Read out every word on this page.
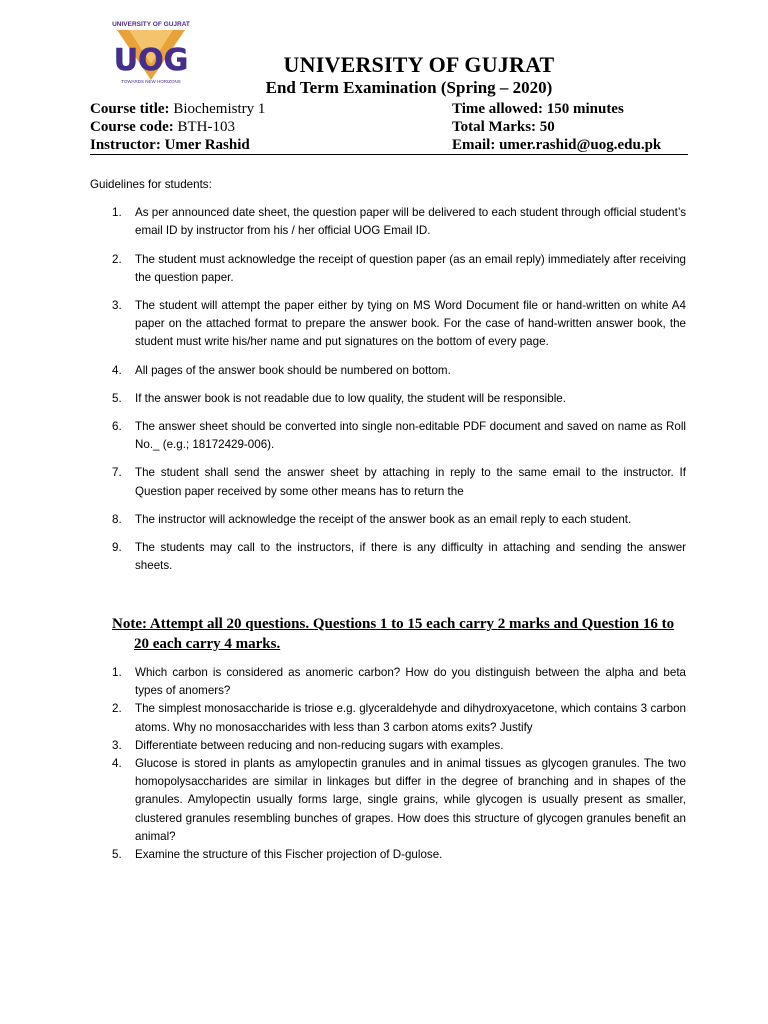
UNIVERSITY OF GUJRAT
UOG
TOWARDS NEW HORIZONS
UNIVERSITY OF GUJRAT
End Term Examination (Spring – 2020)
Course title: Biochemistry 1	Time allowed: 150 minutes
Course code: BTH-103	Total Marks: 50
Instructor: Umer Rashid	Email: umer.rashid@uog.edu.pk
Guidelines for students:
1. As per announced date sheet, the question paper will be delivered to each student through official student’s email ID by instructor from his / her official UOG Email ID.
2. The student must acknowledge the receipt of question paper (as an email reply) immediately after receiving the question paper.
3. The student will attempt the paper either by tying on MS Word Document file or hand-written on white A4 paper on the attached format to prepare the answer book. For the case of hand-written answer book, the student must write his/her name and put signatures on the bottom of every page.
4. All pages of the answer book should be numbered on bottom.
5. If the answer book is not readable due to low quality, the student will be responsible.
6. The answer sheet should be converted into single non-editable PDF document and saved on name as Roll No._ (e.g.; 18172429-006).
7. The student shall send the answer sheet by attaching in reply to the same email to the instructor. If Question paper received by some other means has to return the
8. The instructor will acknowledge the receipt of the answer book as an email reply to each student.
9. The students may call to the instructors, if there is any difficulty in attaching and sending the answer sheets.
Note: Attempt all 20 questions. Questions 1 to 15 each carry 2 marks and Question 16 to

20 each carry 4 marks.
1. Which carbon is considered as anomeric carbon? How do you distinguish between the alpha and beta types of anomers?
2. The simplest monosaccharide is triose e.g. glyceraldehyde and dihydroxyacetone, which contains 3 carbon atoms. Why no monosaccharides with less than 3 carbon atoms exits? Justify
3. Differentiate between reducing and non-reducing sugars with examples.
4. Glucose is stored in plants as amylopectin granules and in animal tissues as glycogen granules. The two homopolysaccharides are similar in linkages but differ in the degree of branching and in shapes of the granules. Amylopectin usually forms large, single grains, while glycogen is usually present as smaller, clustered granules resembling bunches of grapes. How does this structure of glycogen granules benefit an animal?
5. Examine the structure of this Fischer projection of D-gulose.
